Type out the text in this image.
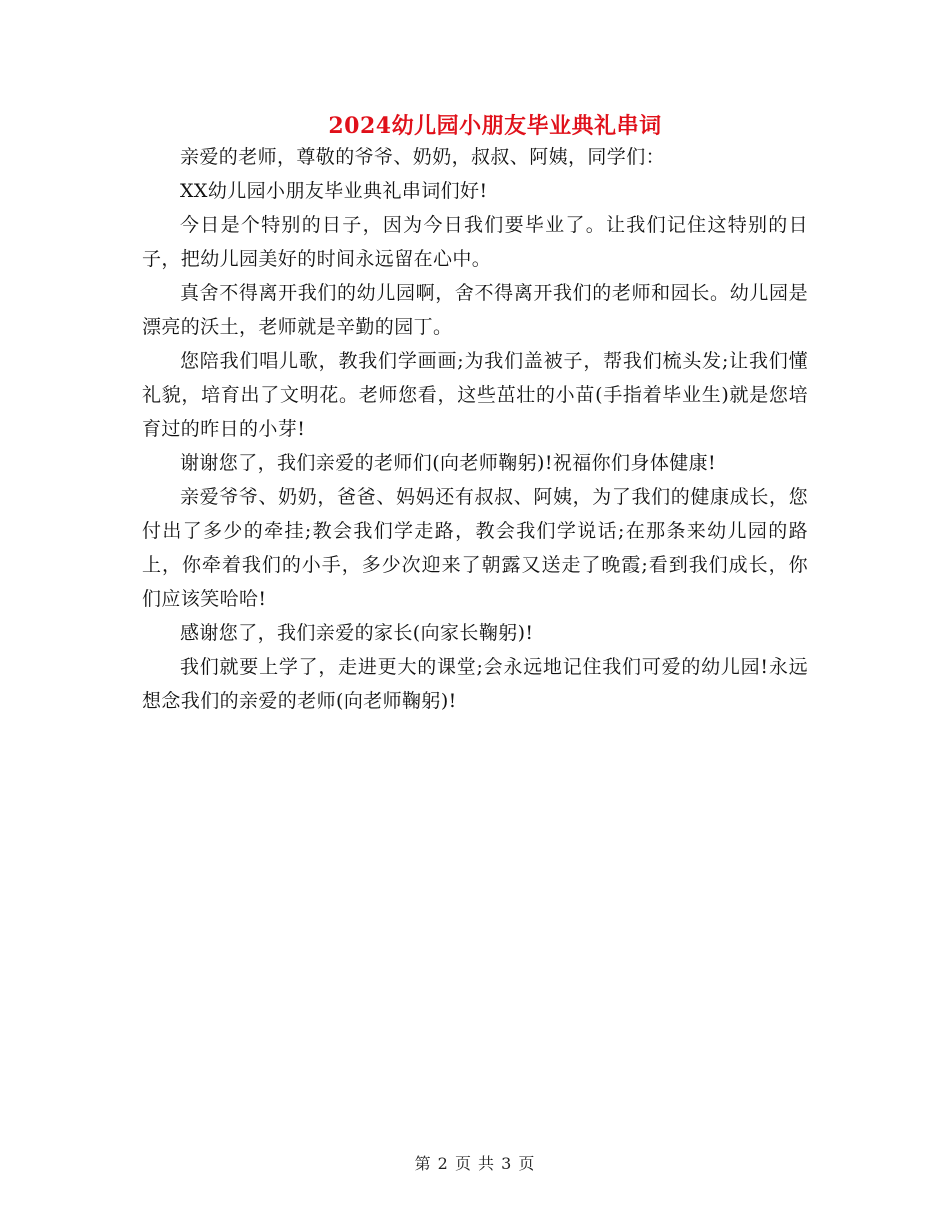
2024幼儿园小朋友毕业典礼串词

亲爱的老师，尊敬的爷爷、奶奶，叔叔、阿姨，同学们：

XX幼儿园小朋友毕业典礼串词们好!

今日是个特别的日子，因为今日我们要毕业了。让我们记住这特别的日子，把幼儿园美好的时间永远留在心中。

真舍不得离开我们的幼儿园啊，舍不得离开我们的老师和园长。幼儿园是漂亮的沃土，老师就是辛勤的园丁。

您陪我们唱儿歌，教我们学画画;为我们盖被子，帮我们梳头发;让我们懂礼貌，培育出了文明花。老师您看，这些茁壮的小苗(手指着毕业生)就是您培育过的昨日的小芽!

谢谢您了，我们亲爱的老师们(向老师鞠躬)!祝福你们身体健康!

亲爱爷爷、奶奶，爸爸、妈妈还有叔叔、阿姨，为了我们的健康成长，您付出了多少的牵挂;教会我们学走路，教会我们学说话;在那条来幼儿园的路上，你牵着我们的小手，多少次迎来了朝露又送走了晚霞;看到我们成长，你们应该笑哈哈!

感谢您了，我们亲爱的家长(向家长鞠躬)!

我们就要上学了，走进更大的课堂;会永远地记住我们可爱的幼儿园!永远想念我们的亲爱的老师(向老师鞠躬)!

第 2 页 共 3 页
